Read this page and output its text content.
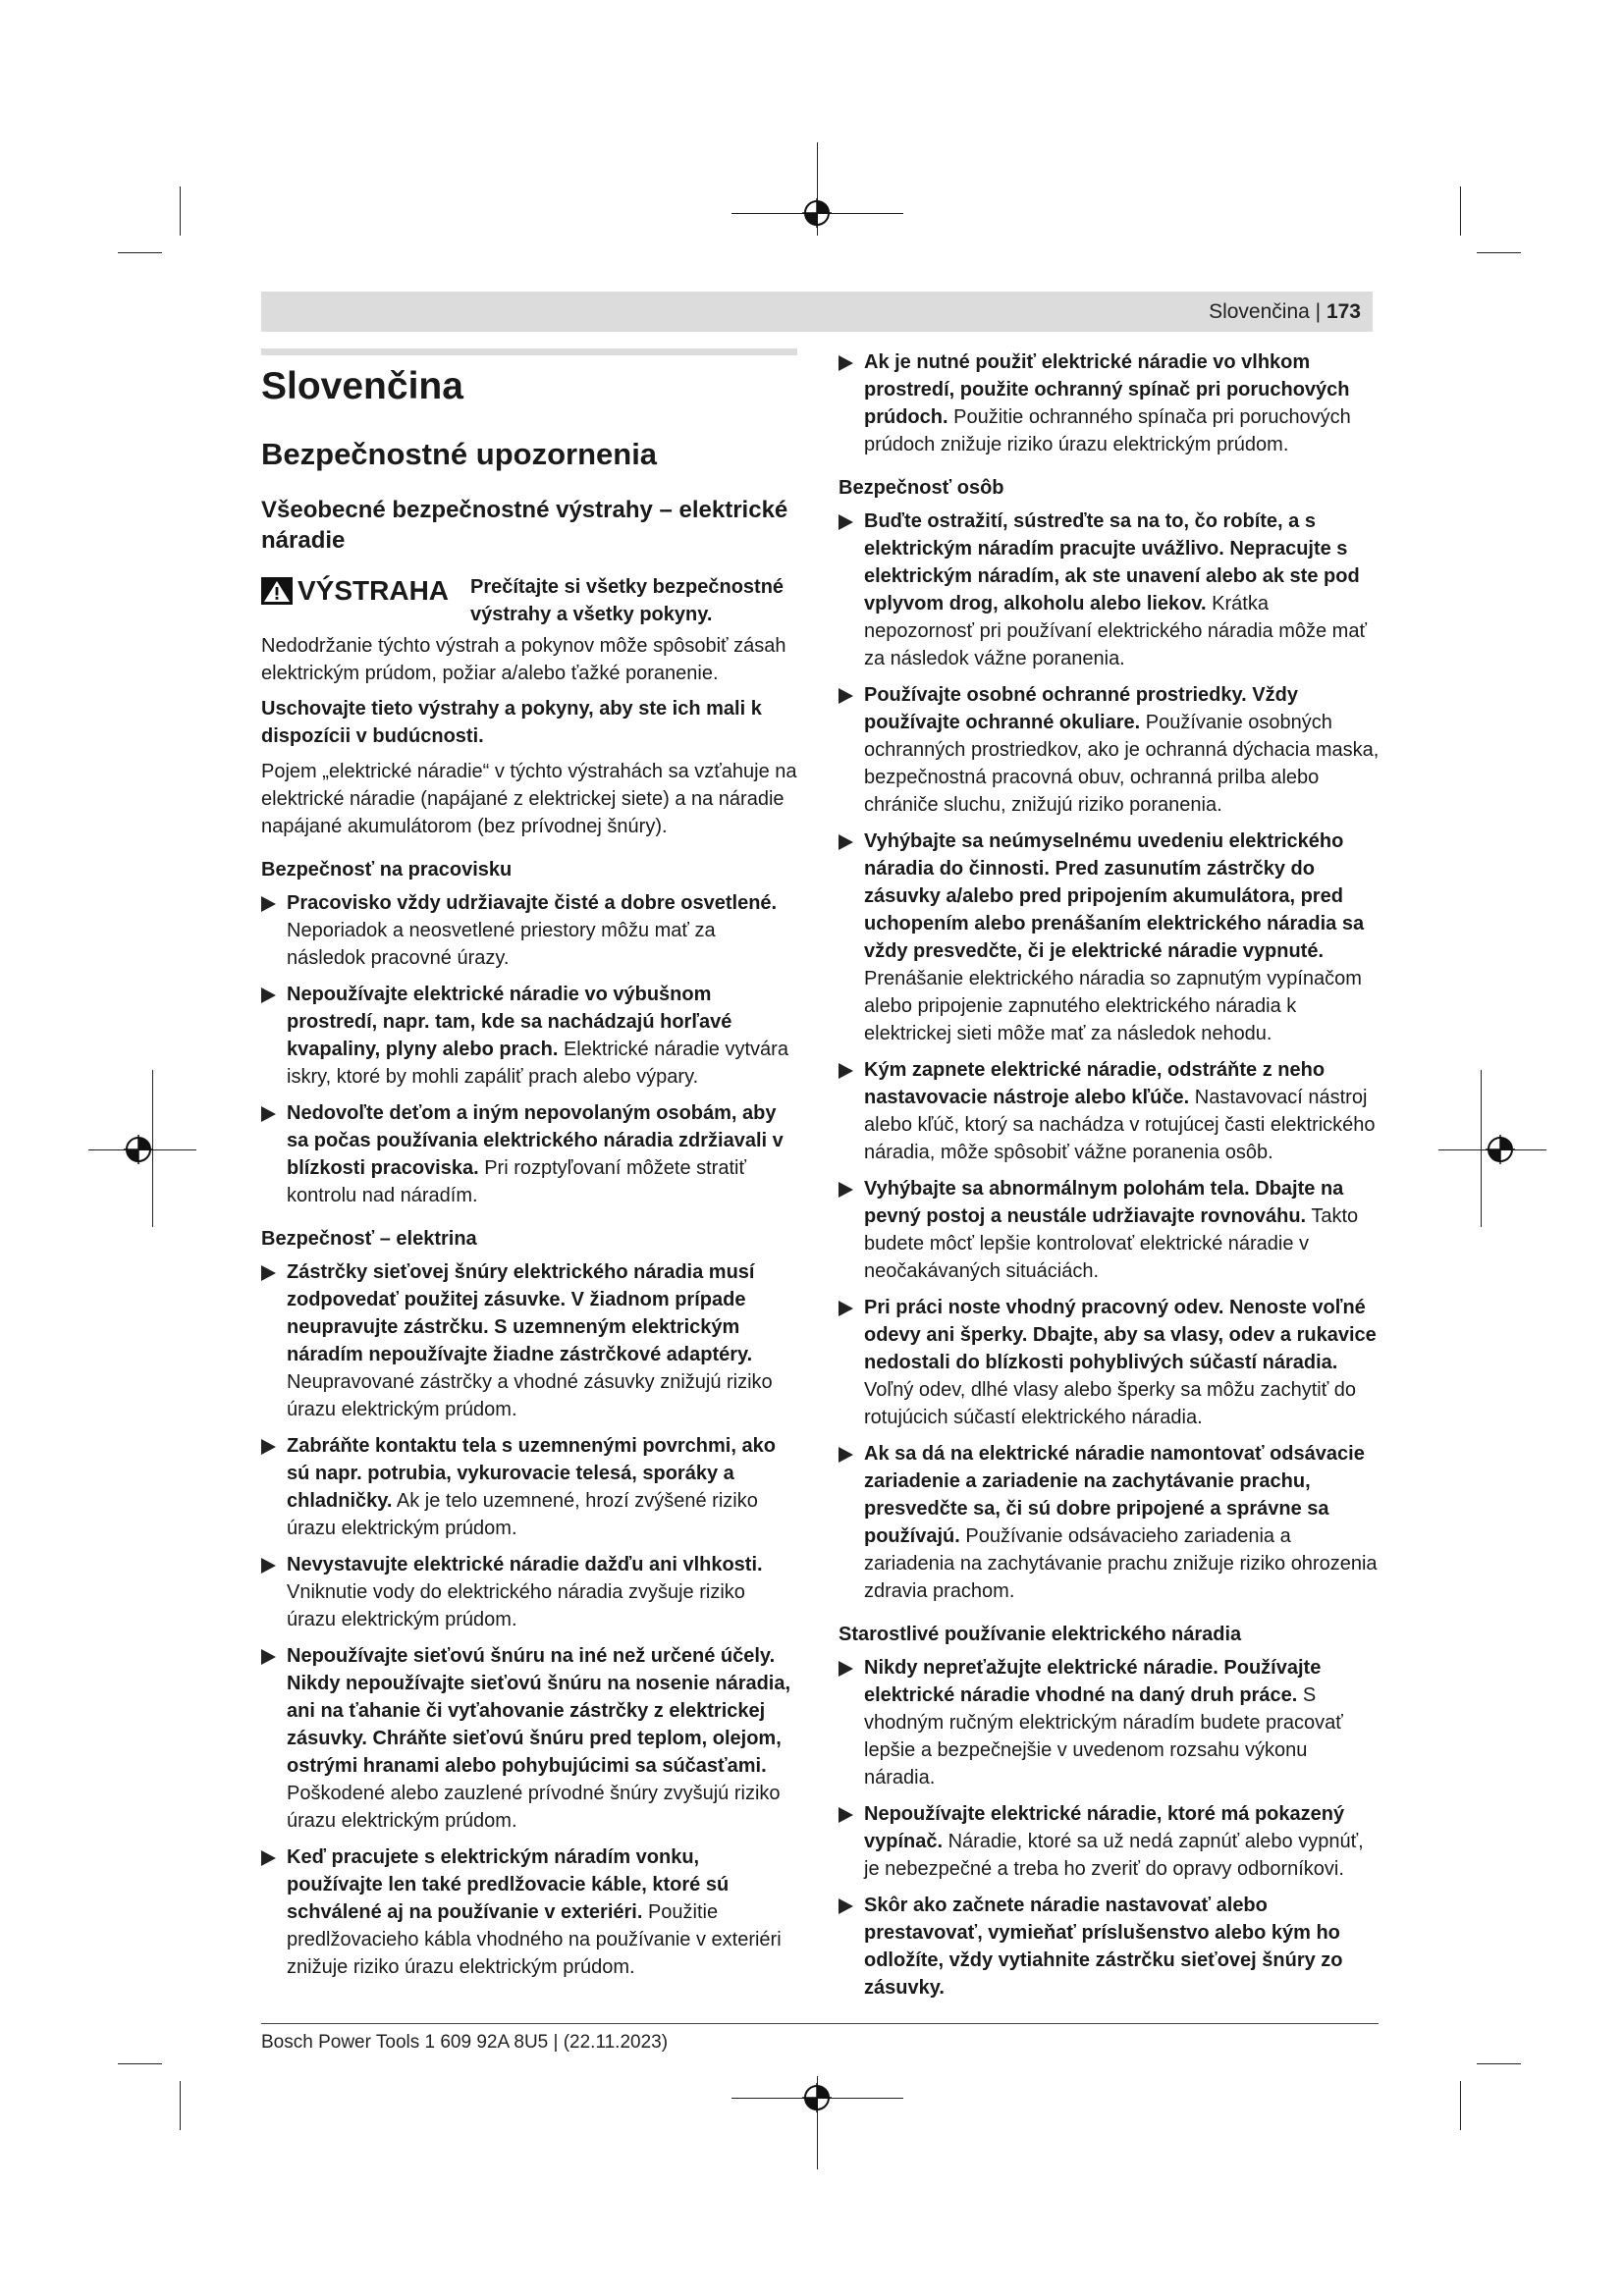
Slovenčina | 173
Slovenčina
Bezpečnostné upozornenia
Všeobecné bezpečnostné výstrahy – elektrické náradie
VÝSTRAHA Prečítajte si všetky bezpečnostné výstrahy a všetky pokyny.

Nedodržanie týchto výstrah a pokynov môže spôsobiť zásah elektrickým prúdom, požiar a/alebo ťažké poranenie.

Uschovajte tieto výstrahy a pokyny, aby ste ich mali k dispozícii v budúcnosti.

Pojem „elektrické náradie“ v týchto výstrahách sa vzťahuje na elektrické náradie (napájané z elektrickej siete) a na náradie napájané akumulátorom (bez prívodnej šnúry).

Bezpečnosť na pracovisku
Pracovisko vždy udržiavajte čisté a dobre osvetlené. Neporiadok a neosvetlené priestory môžu mať za následok pracovné úrazy.
Nepoužívajte elektrické náradie vo výbušnom prostredí, napr. tam, kde sa nachádzajú horľavé kvapaliny, plyny alebo prach. Elektrické náradie vytvára iskry, ktoré by mohli zapáliť prach alebo výpary.
Nedovoľte deťom a iným nepovolaným osobám, aby sa počas používania elektrického náradia zdržiavali v blízkosti pracoviska. Pri rozptyľovaní môžete stratiť kontrolu nad náradím.
Bezpečnosť – elektrina
Zástrčky sieťovej šnúry elektrického náradia musí zodpovedať použitej zásuvke. V žiadnom prípade neupravujte zástrčku. S uzemneným elektrickým náradím nepoužívajte žiadne zástrčkové adaptéry. Neupravované zástrčky a vhodné zásuvky znižujú riziko úrazu elektrickým prúdom.
Zabráňte kontaktu tela s uzemnenými povrchmi, ako sú napr. potrubia, vykurovacie telesá, sporáky a chladničky. Ak je telo uzemnené, hrozí zvýšené riziko úrazu elektrickým prúdom.
Nevystavujte elektrické náradie dažďu ani vlhkosti. Vniknutie vody do elektrického náradia zvyšuje riziko úrazu elektrickým prúdom.
Nepoužívajte sieťovú šnúru na iné než určené účely. Nikdy nepoužívajte sieťovú šnúru na nosenie náradia, ani na ťahanie či vyťahovanie zástrčky z elektrickej zásuvky. Chráňte sieťovú šnúru pred teplom, olejom, ostrými hranami alebo pohybujúcimi sa súčasťami. Poškodené alebo zauzlené prívodné šnúry zvyšujú riziko úrazu elektrickým prúdom.
Keď pracujete s elektrickým náradím vonku, používajte len také predlžovacie káble, ktoré sú schválené aj na používanie v exteriéri. Použitie predlžovacieho kábla vhodného na používanie v exteriéri znižuje riziko úrazu elektrickým prúdom.
Ak je nutné použiť elektrické náradie vo vlhkom prostredí, použite ochranný spínač pri poruchových prúdoch. Použitie ochranného spínača pri poruchových prúdoch znižuje riziko úrazu elektrickým prúdom.
Bezpečnosť osôb
Buďte ostražití, sústreďte sa na to, čo robíte, a s elektrickým náradím pracujte uvážlivo. Nepracujte s elektrickým náradím, ak ste unavení alebo ak ste pod vplyvom drog, alkoholu alebo liekov. Krátka nepozornosť pri používaní elektrického náradia môže mať za následok vážne poranenia.
Používajte osobné ochranné prostriedky. Vždy používajte ochranné okuliare. Používanie osobných ochranných prostriedkov, ako je ochranná dýchacia maska, bezpečnostná pracovná obuv, ochranná prilba alebo chrániče sluchu, znižujú riziko poranenia.
Vyhýbajte sa neúmyselnému uvedeniu elektrického náradia do činnosti. Pred zasunutím zástrčky do zásuvky a/alebo pred pripojením akumulátora, pred uchopením alebo prenášaním elektrického náradia sa vždy presvedčte, či je elektrické náradie vypnuté. Prenášanie elektrického náradia so zapnutým vypínačom alebo pripojenie zapnutého elektrického náradia k elektrickej sieti môže mať za následok nehodu.
Kým zapnete elektrické náradie, odstráňte z neho nastavovacie nástroje alebo kľúče. Nastavovací nástroj alebo kľúč, ktorý sa nachádza v rotujúcej časti elektrického náradia, môže spôsobiť vážne poranenia osôb.
Vyhýbajte sa abnormálnym polohám tela. Dbajte na pevný postoj a neustále udržiavajte rovnováhu. Takto budete môcť lepšie kontrolovať elektrické náradie v neočakávaných situáciách.
Pri práci noste vhodný pracovný odev. Nenoste voľné odevy ani šperky. Dbajte, aby sa vlasy, odev a rukavice nedostali do blízkosti pohyblivých súčastí náradia. Voľný odev, dlhé vlasy alebo šperky sa môžu zachytiť do rotujúcich súčastí elektrického náradia.
Ak sa dá na elektrické náradie namontovať odsávacie zariadenie a zariadenie na zachytávanie prachu, presvedčte sa, či sú dobre pripojené a správne sa používajú. Používanie odsávacieho zariadenia a zariadenia na zachytávanie prachu znižuje riziko ohrozenia zdravia prachom.
Starostlivé používanie elektrického náradia
Nikdy nepreťažujte elektrické náradie. Používajte elektrické náradie vhodné na daný druh práce. S vhodným ručným elektrickým náradím budete pracovať lepšie a bezpečnejšie v uvedenom rozsahu výkonu náradia.
Nepoužívajte elektrické náradie, ktoré má pokazený vypínač. Náradie, ktoré sa už nedá zapnúť alebo vypnúť, je nebezpečné a treba ho zveriť do opravy odborníkovi.
Skôr ako začnete náradie nastavovať alebo prestavovať, vymieňať príslušenstvo alebo kým ho odložíte, vždy vytiahnite zástrčku sieťovej šnúry zo zásuvky.
Bosch Power Tools 1 609 92A 8U5 | (22.11.2023)
